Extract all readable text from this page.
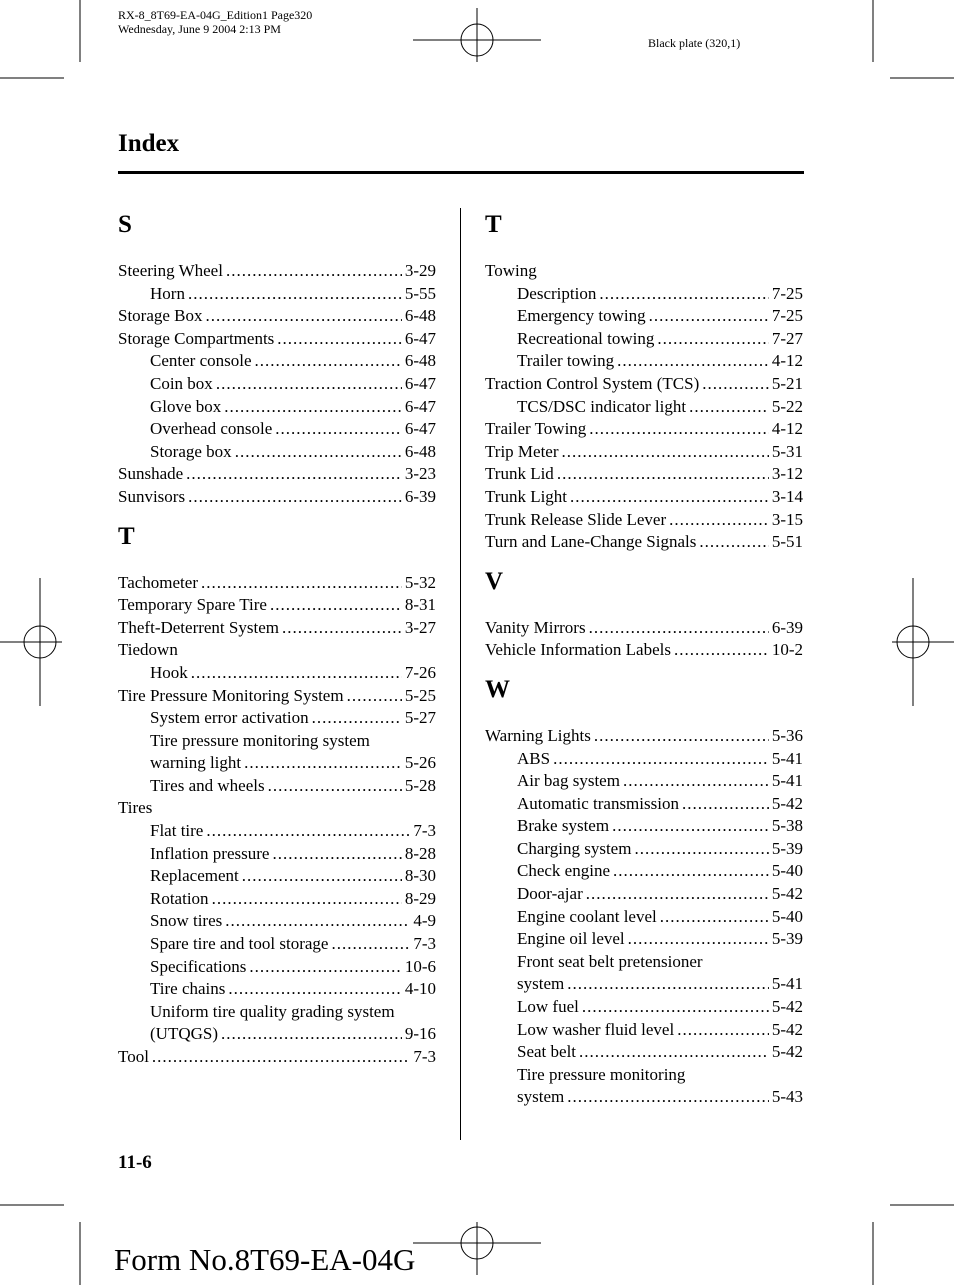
RX-8_8T69-EA-04G_Edition1 Page320
Wednesday, June 9 2004 2:13 PM
Black plate (320,1)
Index
S
Steering Wheel .....	3-29
Horn .....	5-55
Storage Box .....	6-48
Storage Compartments .....	6-47
Center console .....	6-48
Coin box .....	6-47
Glove box .....	6-47
Overhead console .....	6-47
Storage box .....	6-48
Sunshade .....	3-23
Sunvisors .....	6-39
T
Tachometer .....	5-32
Temporary Spare Tire .....	8-31
Theft-Deterrent System .....	3-27
Tiedown
Hook .....	7-26
Tire Pressure Monitoring System .....	5-25
System error activation .....	5-27
Tire pressure monitoring system
warning light .....	5-26
Tires and wheels .....	5-28
Tires
Flat tire .....	7-3
Inflation pressure .....	8-28
Replacement .....	8-30
Rotation .....	8-29
Snow tires .....	4-9
Spare tire and tool storage .....	7-3
Specifications .....	10-6
Tire chains .....	4-10
Uniform tire quality grading system
(UTQGS) .....	9-16
Tool .....	7-3
T
Towing
Description .....	7-25
Emergency towing .....	7-25
Recreational towing .....	7-27
Trailer towing .....	4-12
Traction Control System (TCS) .....	5-21
TCS/DSC indicator light .....	5-22
Trailer Towing .....	4-12
Trip Meter .....	5-31
Trunk Lid .....	3-12
Trunk Light .....	3-14
Trunk Release Slide Lever .....	3-15
Turn and Lane-Change Signals .....	5-51
V
Vanity Mirrors .....	6-39
Vehicle Information Labels .....	10-2
W
Warning Lights .....	5-36
ABS .....	5-41
Air bag system .....	5-41
Automatic transmission .....	5-42
Brake system .....	5-38
Charging system .....	5-39
Check engine .....	5-40
Door-ajar .....	5-42
Engine coolant level .....	5-40
Engine oil level .....	5-39
Front seat belt pretensioner
system .....	5-41
Low fuel .....	5-42
Low washer fluid level .....	5-42
Seat belt .....	5-42
Tire pressure monitoring
system .....	5-43
11-6
Form No.8T69-EA-04G
